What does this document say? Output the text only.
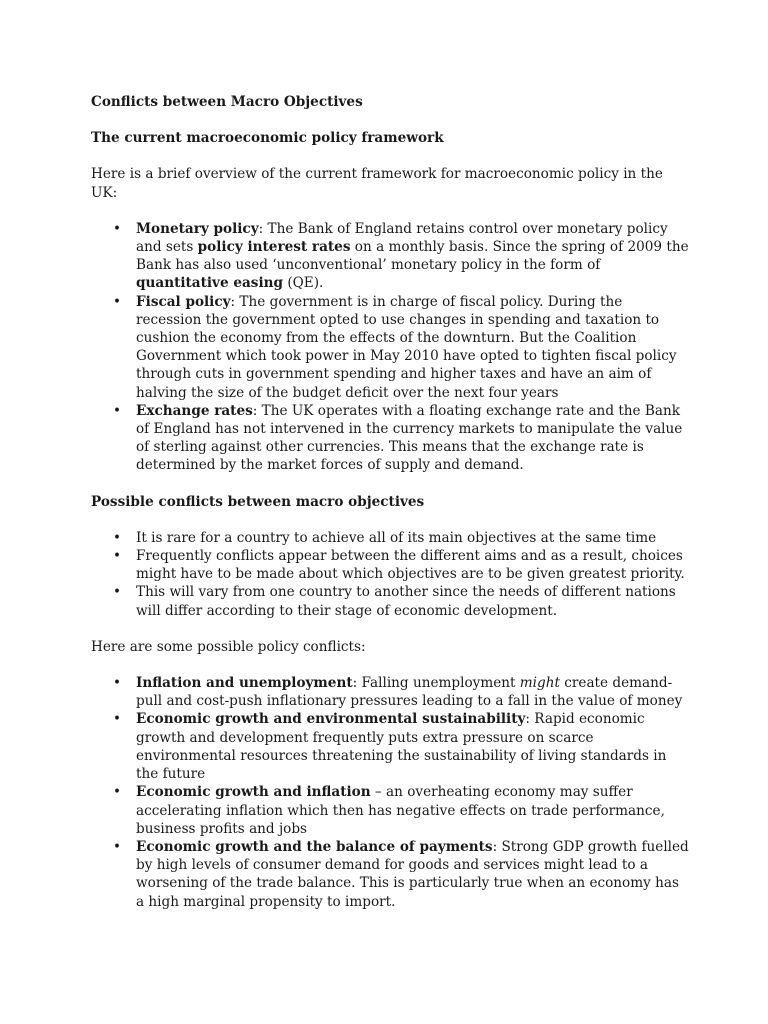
Conflicts between Macro Objectives
The current macroeconomic policy framework

Here is a brief overview of the current framework for macroeconomic policy in the UK:

• Monetary policy: The Bank of England retains control over monetary policy and sets policy interest rates on a monthly basis. Since the spring of 2009 the Bank has also used ‘unconventional’ monetary policy in the form of quantitative easing (QE).
• Fiscal policy: The government is in charge of fiscal policy. During the recession the government opted to use changes in spending and taxation to cushion the economy from the effects of the downturn. But the Coalition Government which took power in May 2010 have opted to tighten fiscal policy through cuts in government spending and higher taxes and have an aim of halving the size of the budget deficit over the next four years
• Exchange rates: The UK operates with a floating exchange rate and the Bank of England has not intervened in the currency markets to manipulate the value of sterling against other currencies. This means that the exchange rate is determined by the market forces of supply and demand.
Possible conflicts between macro objectives
• It is rare for a country to achieve all of its main objectives at the same time
• Frequently conflicts appear between the different aims and as a result, choices might have to be made about which objectives are to be given greatest priority.
• This will vary from one country to another since the needs of different nations will differ according to their stage of economic development.

Here are some possible policy conflicts:

• Inflation and unemployment: Falling unemployment might create demand-pull and cost-push inflationary pressures leading to a fall in the value of money
• Economic growth and environmental sustainability: Rapid economic growth and development frequently puts extra pressure on scarce environmental resources threatening the sustainability of living standards in the future
• Economic growth and inflation – an overheating economy may suffer accelerating inflation which then has negative effects on trade performance, business profits and jobs
• Economic growth and the balance of payments: Strong GDP growth fuelled by high levels of consumer demand for goods and services might lead to a worsening of the trade balance. This is particularly true when an economy has a high marginal propensity to import.
